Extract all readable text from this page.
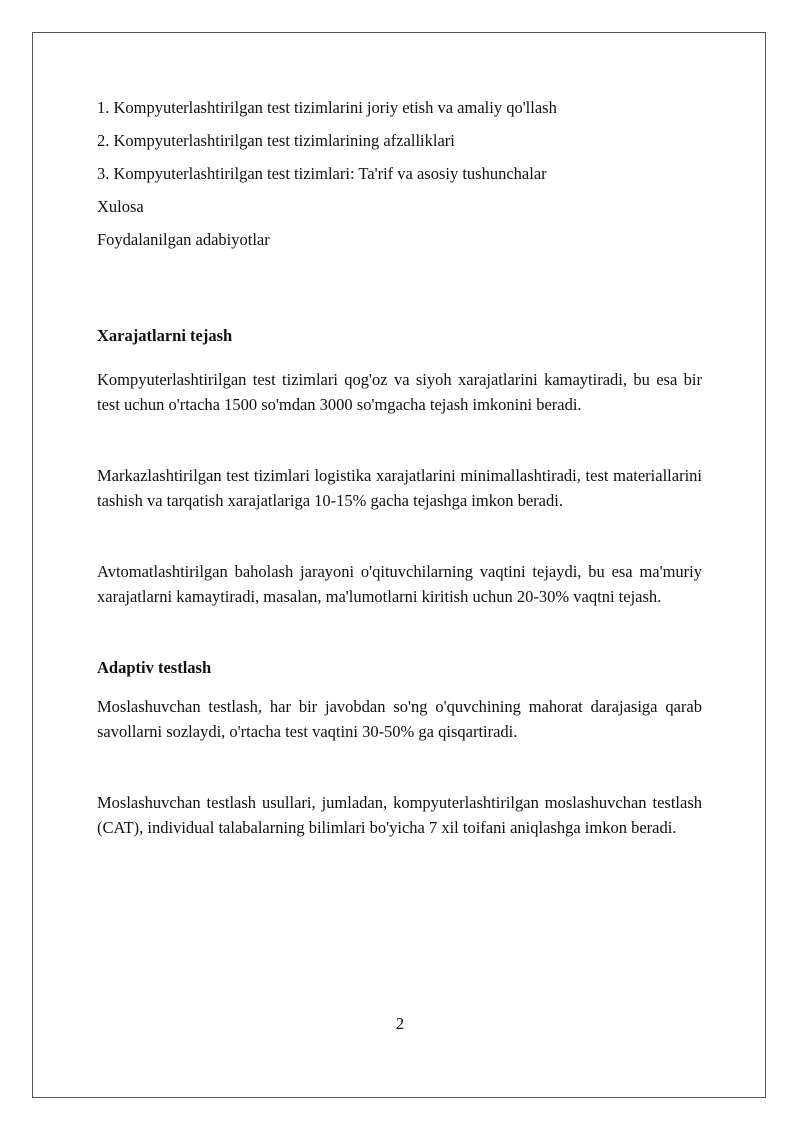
1. Kompyuterlashtirilgan test tizimlarini joriy etish va amaliy qo'llash

2. Kompyuterlashtirilgan test tizimlarining afzalliklari

3. Kompyuterlashtirilgan test tizimlari: Ta'rif va asosiy tushunchalar

Xulosa

Foydalanilgan adabiyotlar

Xarajatlarni tejash

Kompyuterlashtirilgan test tizimlari qog'oz va siyoh xarajatlarini kamaytiradi, bu esa bir test uchun o'rtacha 1500 so'mdan 3000 so'mgacha tejash imkonini beradi.

Markazlashtirilgan test tizimlari logistika xarajatlarini minimallashtiradi, test materiallarini tashish va tarqatish xarajatlariga 10-15% gacha tejashga imkon beradi.

Avtomatlashtirilgan baholash jarayoni o'qituvchilarning vaqtini tejaydi, bu esa ma'muriy xarajatlarni kamaytiradi, masalan, ma'lumotlarni kiritish uchun 20-30% vaqtni tejash.

Adaptiv testlash

Moslashuvchan testlash, har bir javobdan so'ng o'quvchining mahorat darajasiga qarab savollarni sozlaydi, o'rtacha test vaqtini 30-50% ga qisqartiradi.

Moslashuvchan testlash usullari, jumladan, kompyuterlashtirilgan moslashuvchan testlash (CAT), individual talabalarning bilimlari bo'yicha 7 xil toifani aniqlashga imkon beradi.

2
